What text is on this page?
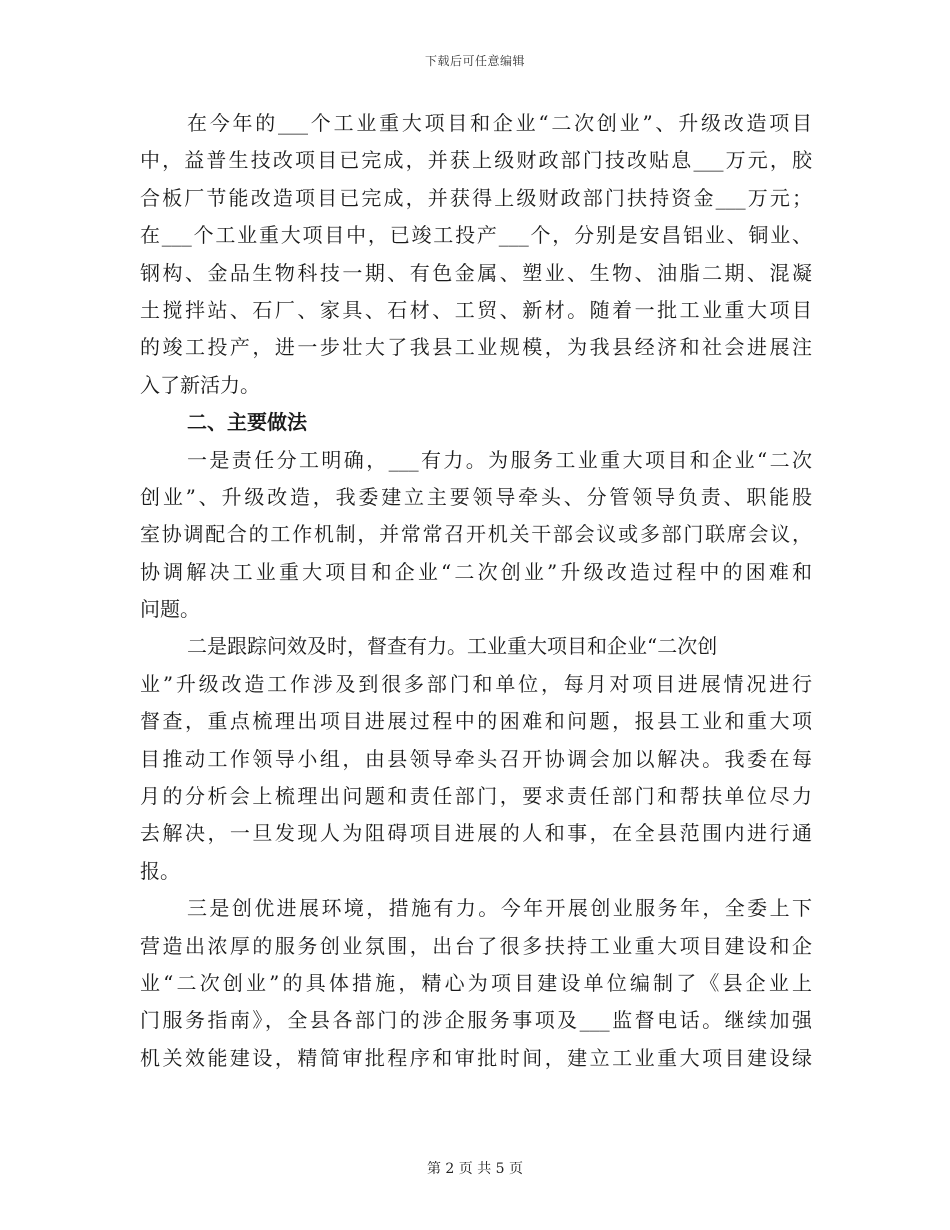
下载后可任意编辑
在今年的___个工业重大项目和企业“二次创业”、升级改造项目
中，益普生技改项目已完成，并获上级财政部门技改贴息___万元，胶
合板厂节能改造项目已完成，并获得上级财政部门扶持资金___万元；
在___个工业重大项目中，已竣工投产___个，分别是安昌铝业、铜业、
钢构、金品生物科技一期、有色金属、塑业、生物、油脂二期、混凝
土搅拌站、石厂、家具、石材、工贸、新材。随着一批工业重大项目
的竣工投产，进一步壮大了我县工业规模，为我县经济和社会进展注
入了新活力。
二、主要做法
一是责任分工明确，___有力。为服务工业重大项目和企业“二次
创业”、升级改造，我委建立主要领导牵头、分管领导负责、职能股
室协调配合的工作机制，并常常召开机关干部会议或多部门联席会议，
协调解决工业重大项目和企业“二次创业”升级改造过程中的困难和
问题。
二是跟踪问效及时，督查有力。工业重大项目和企业“二次创
业”升级改造工作涉及到很多部门和单位，每月对项目进展情况进行
督查，重点梳理出项目进展过程中的困难和问题，报县工业和重大项
目推动工作领导小组，由县领导牵头召开协调会加以解决。我委在每
月的分析会上梳理出问题和责任部门，要求责任部门和帮扶单位尽力
去解决，一旦发现人为阻碍项目进展的人和事，在全县范围内进行通
报。
三是创优进展环境，措施有力。今年开展创业服务年，全委上下
营造出浓厚的服务创业氛围，出台了很多扶持工业重大项目建设和企
业“二次创业”的具体措施，精心为项目建设单位编制了《县企业上
门服务指南》，全县各部门的涉企服务事项及___监督电话。继续加强
机关效能建设，精简审批程序和审批时间，建立工业重大项目建设绿
第 2 页 共 5 页
